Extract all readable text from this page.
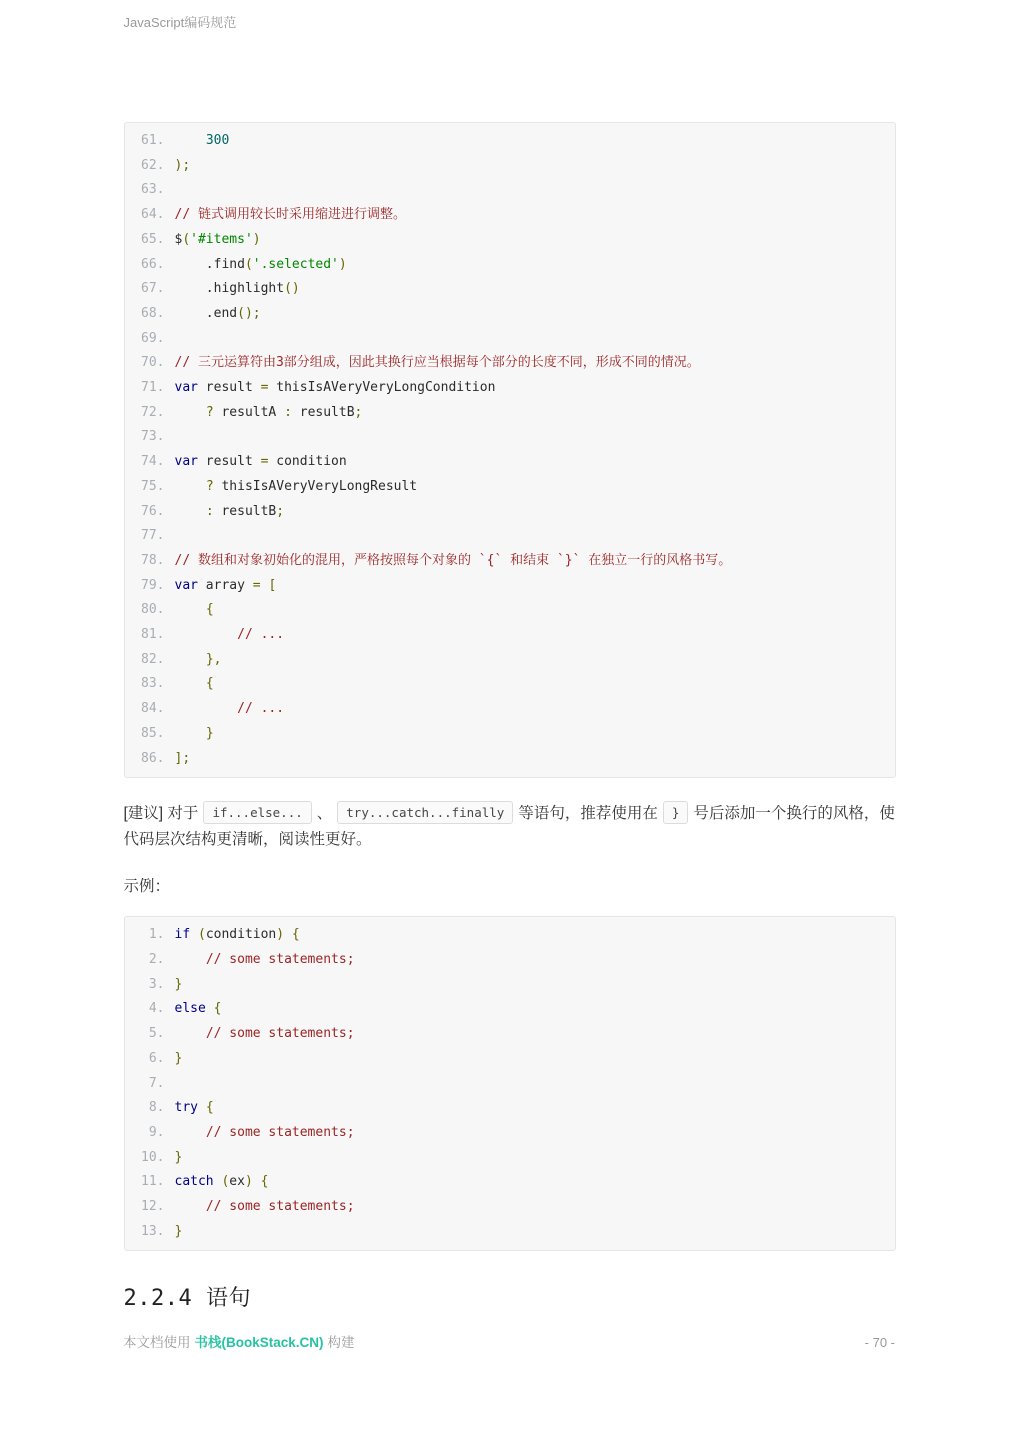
JavaScript编码规范
61.	300
62. );
63.
64. // 链式调用较长时采用缩进进行调整。
65. $('#items')
66.    .find('.selected')
67.    .highlight()
68.    .end();
69.
70. // 三元运算符由3部分组成，因此其换行应当根据每个部分的长度不同，形成不同的情况。
71. var result = thisIsAVeryVeryLongCondition
72.	? resultA : resultB;
73.
74. var result = condition
75.	? thisIsAVeryVeryLongResult
76.	: resultB;
77.
78. // 数组和对象初始化的混用，严格按照每个对象的 `{` 和结束 `}` 在独立一行的风格书写。
79. var array = [
80.	{
81.	// ...
82.	},
83.	{
84.	// ...
85.	}
86. ];

[建议] 对于 if...else... 、 try...catch...finally 等语句，推荐使用在 } 号后添加一个换行的风格，使代码层次结构更清晰，阅读性更好。

示例：
1. if (condition) {
2.	// some statements;
3. }
4. else {
5.	// some statements;
6. }
7.
8. try {
9.	// some statements;
10. }
11. catch (ex) {
12.	// some statements;
13. }
2.2.4 语句
本文档使用 书栈(BookStack.CN) 构建	- 70 -
